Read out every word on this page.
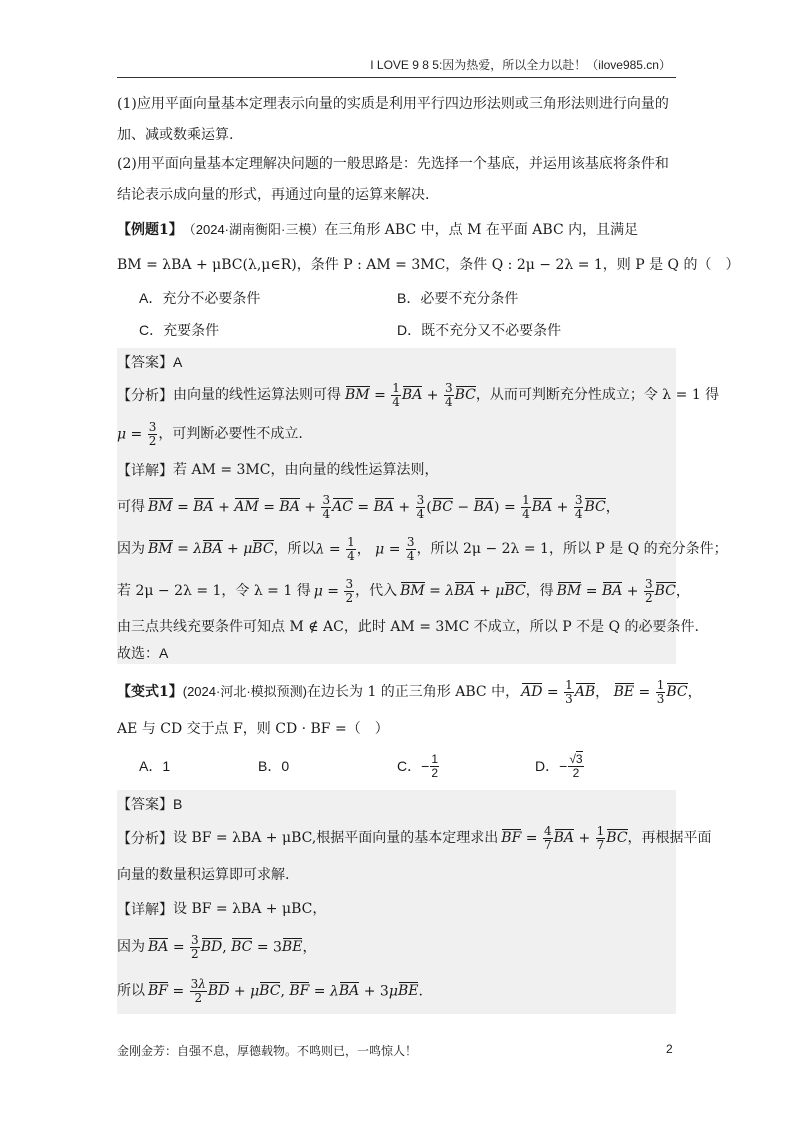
I LOVE 9 8 5:因为热爱，所以全力以赴！（ilove985.cn）
(1)应用平面向量基本定理表示向量的实质是利用平行四边形法则或三角形法则进行向量的
加、减或数乘运算.
(2)用平面向量基本定理解决问题的一般思路是：先选择一个基底，并运用该基底将条件和
结论表示成向量的形式，再通过向量的运算来解决.
【例题1】 （2024·湖南衡阳·三模） 在三角形 ABC 中，点 M 在平面 ABC 内，且满足
BM = λBA + μBC(λ,μ∈R)，条件 P : AM = 3MC，条件 Q : 2μ − 2λ = 1，则 P 是 Q 的（　）
A．充分不必要条件	B．必要不充分条件
C．充要条件	D．既不充分又不必要条件
【答案】A
【分析】 由向量的线性运算法则可得 BM = $\frac{1}{4}$ BA + $\frac{3}{4}$ BC ，从而可判断充分性成立；令 λ = 1 得
$\mu = \frac{3}{2}$ ，可判断必要性不成立.
【详解】 若 AM = 3MC，由向量的线性运算法则，
可得 BM = BA + AM = BA + $\frac{3}{4}$ AC = BA + $\frac{3}{4} (BC - BA) = \frac{1}{4}$ BA + $\frac{3}{4}$ BC，
因为 BM = λBA + μBC ，所以 $\lambda = \frac{1}{4}$ ， $\mu = \frac{3}{4}$ ，所以 2μ − 2λ = 1，所以 P 是 Q 的充分条件；
若 2μ − 2λ = 1，令 λ = 1 得 $\mu = \frac{3}{2}$ ，代入 BM = λBA + μBC ，得 BM = BA + $\frac{3}{2}$ BC，
由三点共线充要条件可知点 M ∉ AC，此时 AM = 3MC 不成立，所以 P 不是 Q 的必要条件.
故选：A
【变式1】 (2024·河北·模拟预测) 在边长为 1 的正三角形 ABC 中， AD = $\frac{1}{3}$ AB， BE = $\frac{1}{3}$ BC，
AE 与 CD 交于点 F，则 CD · BF =（　）
A．1	B．0	C． − $\frac{1}{2}$	D． − $\frac{√3}{2}$
【答案】B
【分析】 设 BF = λBA + μBC,根据平面向量的基本定理求出 BF = $\frac{4}{7}$ BA + $\frac{1}{7}$ BC ，再根据平面
向量的数量积运算即可求解.
【详解】 设 BF = λBA + μBC，
因为 BA = $\frac{3}{2}$ BD, BC = 3BE，
所以 BF = $\frac{3\lambda}{2}$ BD + μBC, BF = λBA + 3μBE.
金刚金芳：自强不息，厚德载物。不鸣则已，一鸣惊人！	2
